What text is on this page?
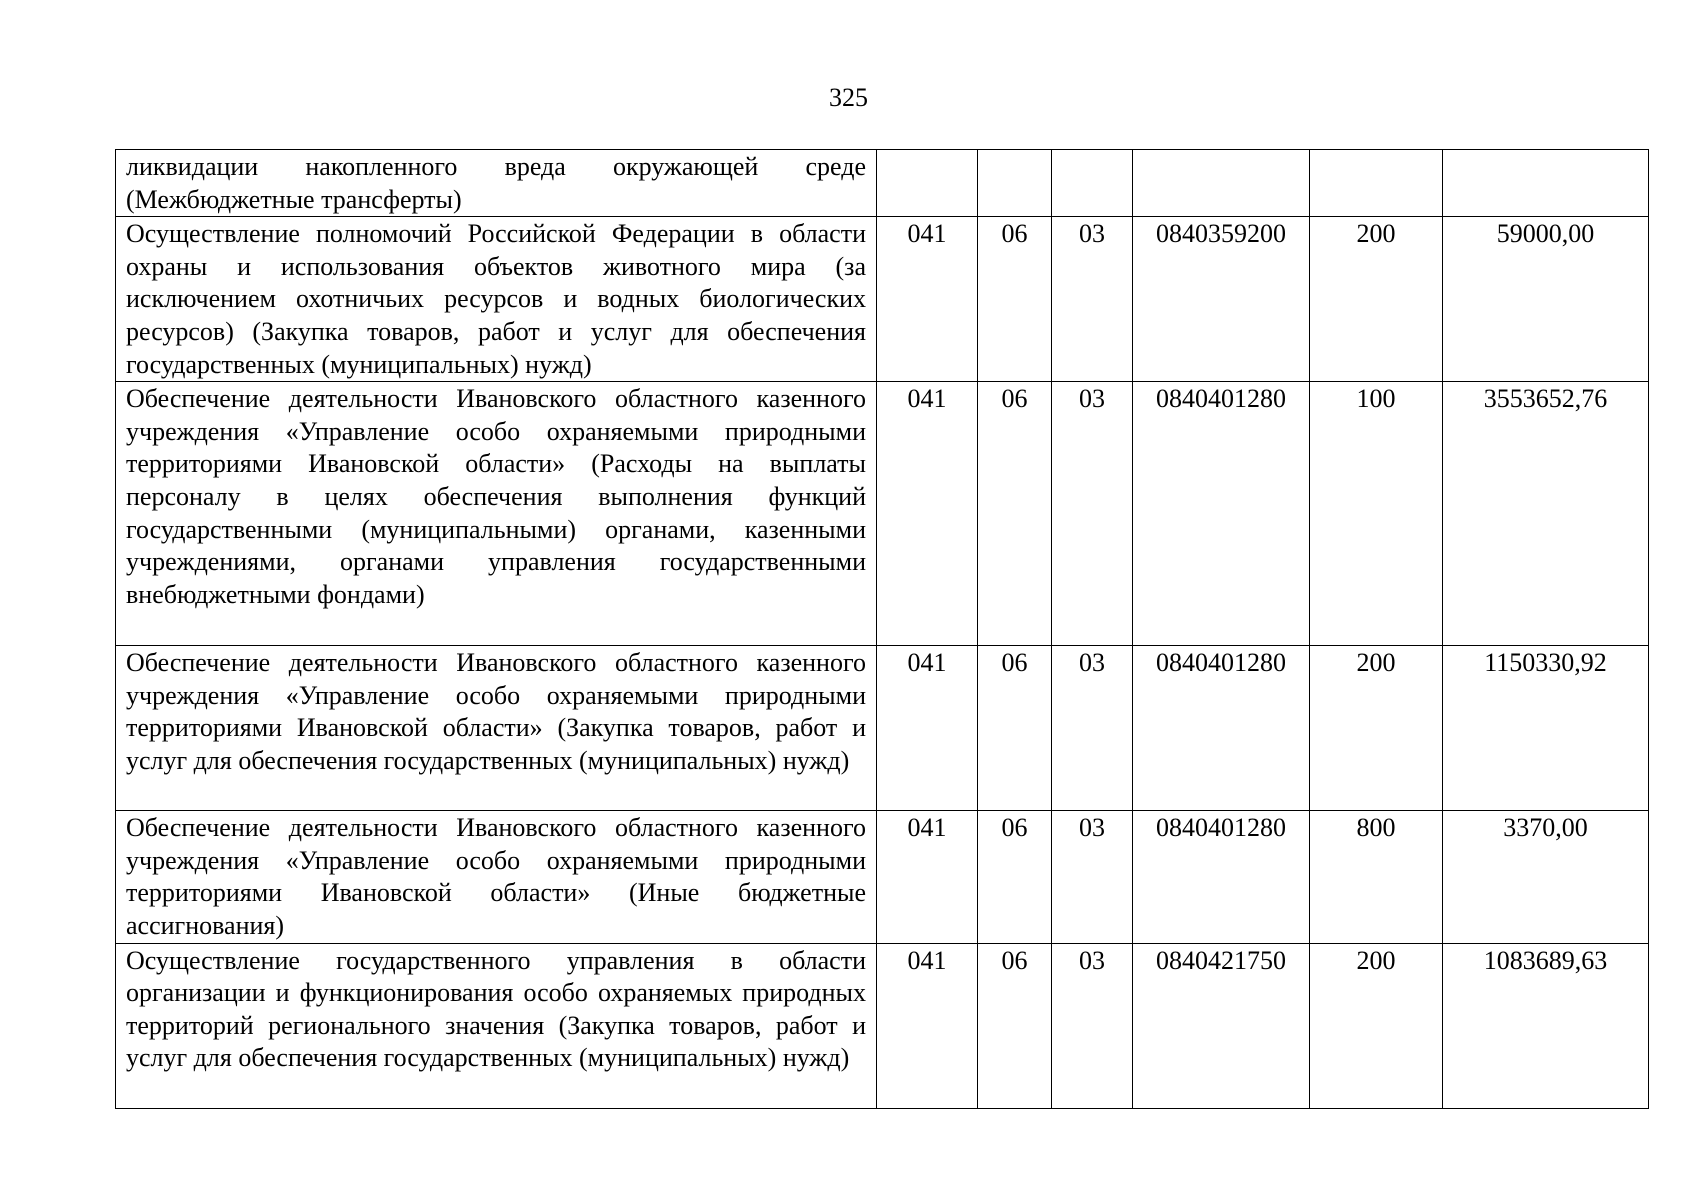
325
ликвидации накопленного вреда окружающей среде (Межбюджетные трансферты)						
Осуществление полномочий Российской Федерации в области охраны и использования объектов животного мира (за исключением охотничьих ресурсов и водных биологических ресурсов) (Закупка товаров, работ и услуг для обеспечения государственных (муниципальных) нужд)	041	06	03	0840359200	200	59000,00
Обеспечение деятельности Ивановского областного казенного учреждения «Управление особо охраняемыми природными территориями Ивановской области» (Расходы на выплаты персоналу в целях обеспечения выполнения функций государственными (муниципальными) органами, казенными учреждениями, органами управления государственными внебюджетными фондами)	041	06	03	0840401280	100	3553652,76
Обеспечение деятельности Ивановского областного казенного учреждения «Управление особо охраняемыми природными территориями Ивановской области» (Закупка товаров, работ и услуг для обеспечения государственных (муниципальных) нужд)	041	06	03	0840401280	200	1150330,92
Обеспечение деятельности Ивановского областного казенного учреждения «Управление особо охраняемыми природными территориями Ивановской области» (Иные бюджетные ассигнования)	041	06	03	0840401280	800	3370,00
Осуществление государственного управления в области организации и функционирования особо охраняемых природных территорий регионального значения (Закупка товаров, работ и услуг для обеспечения государственных (муниципальных) нужд)	041	06	03	0840421750	200	1083689,63
